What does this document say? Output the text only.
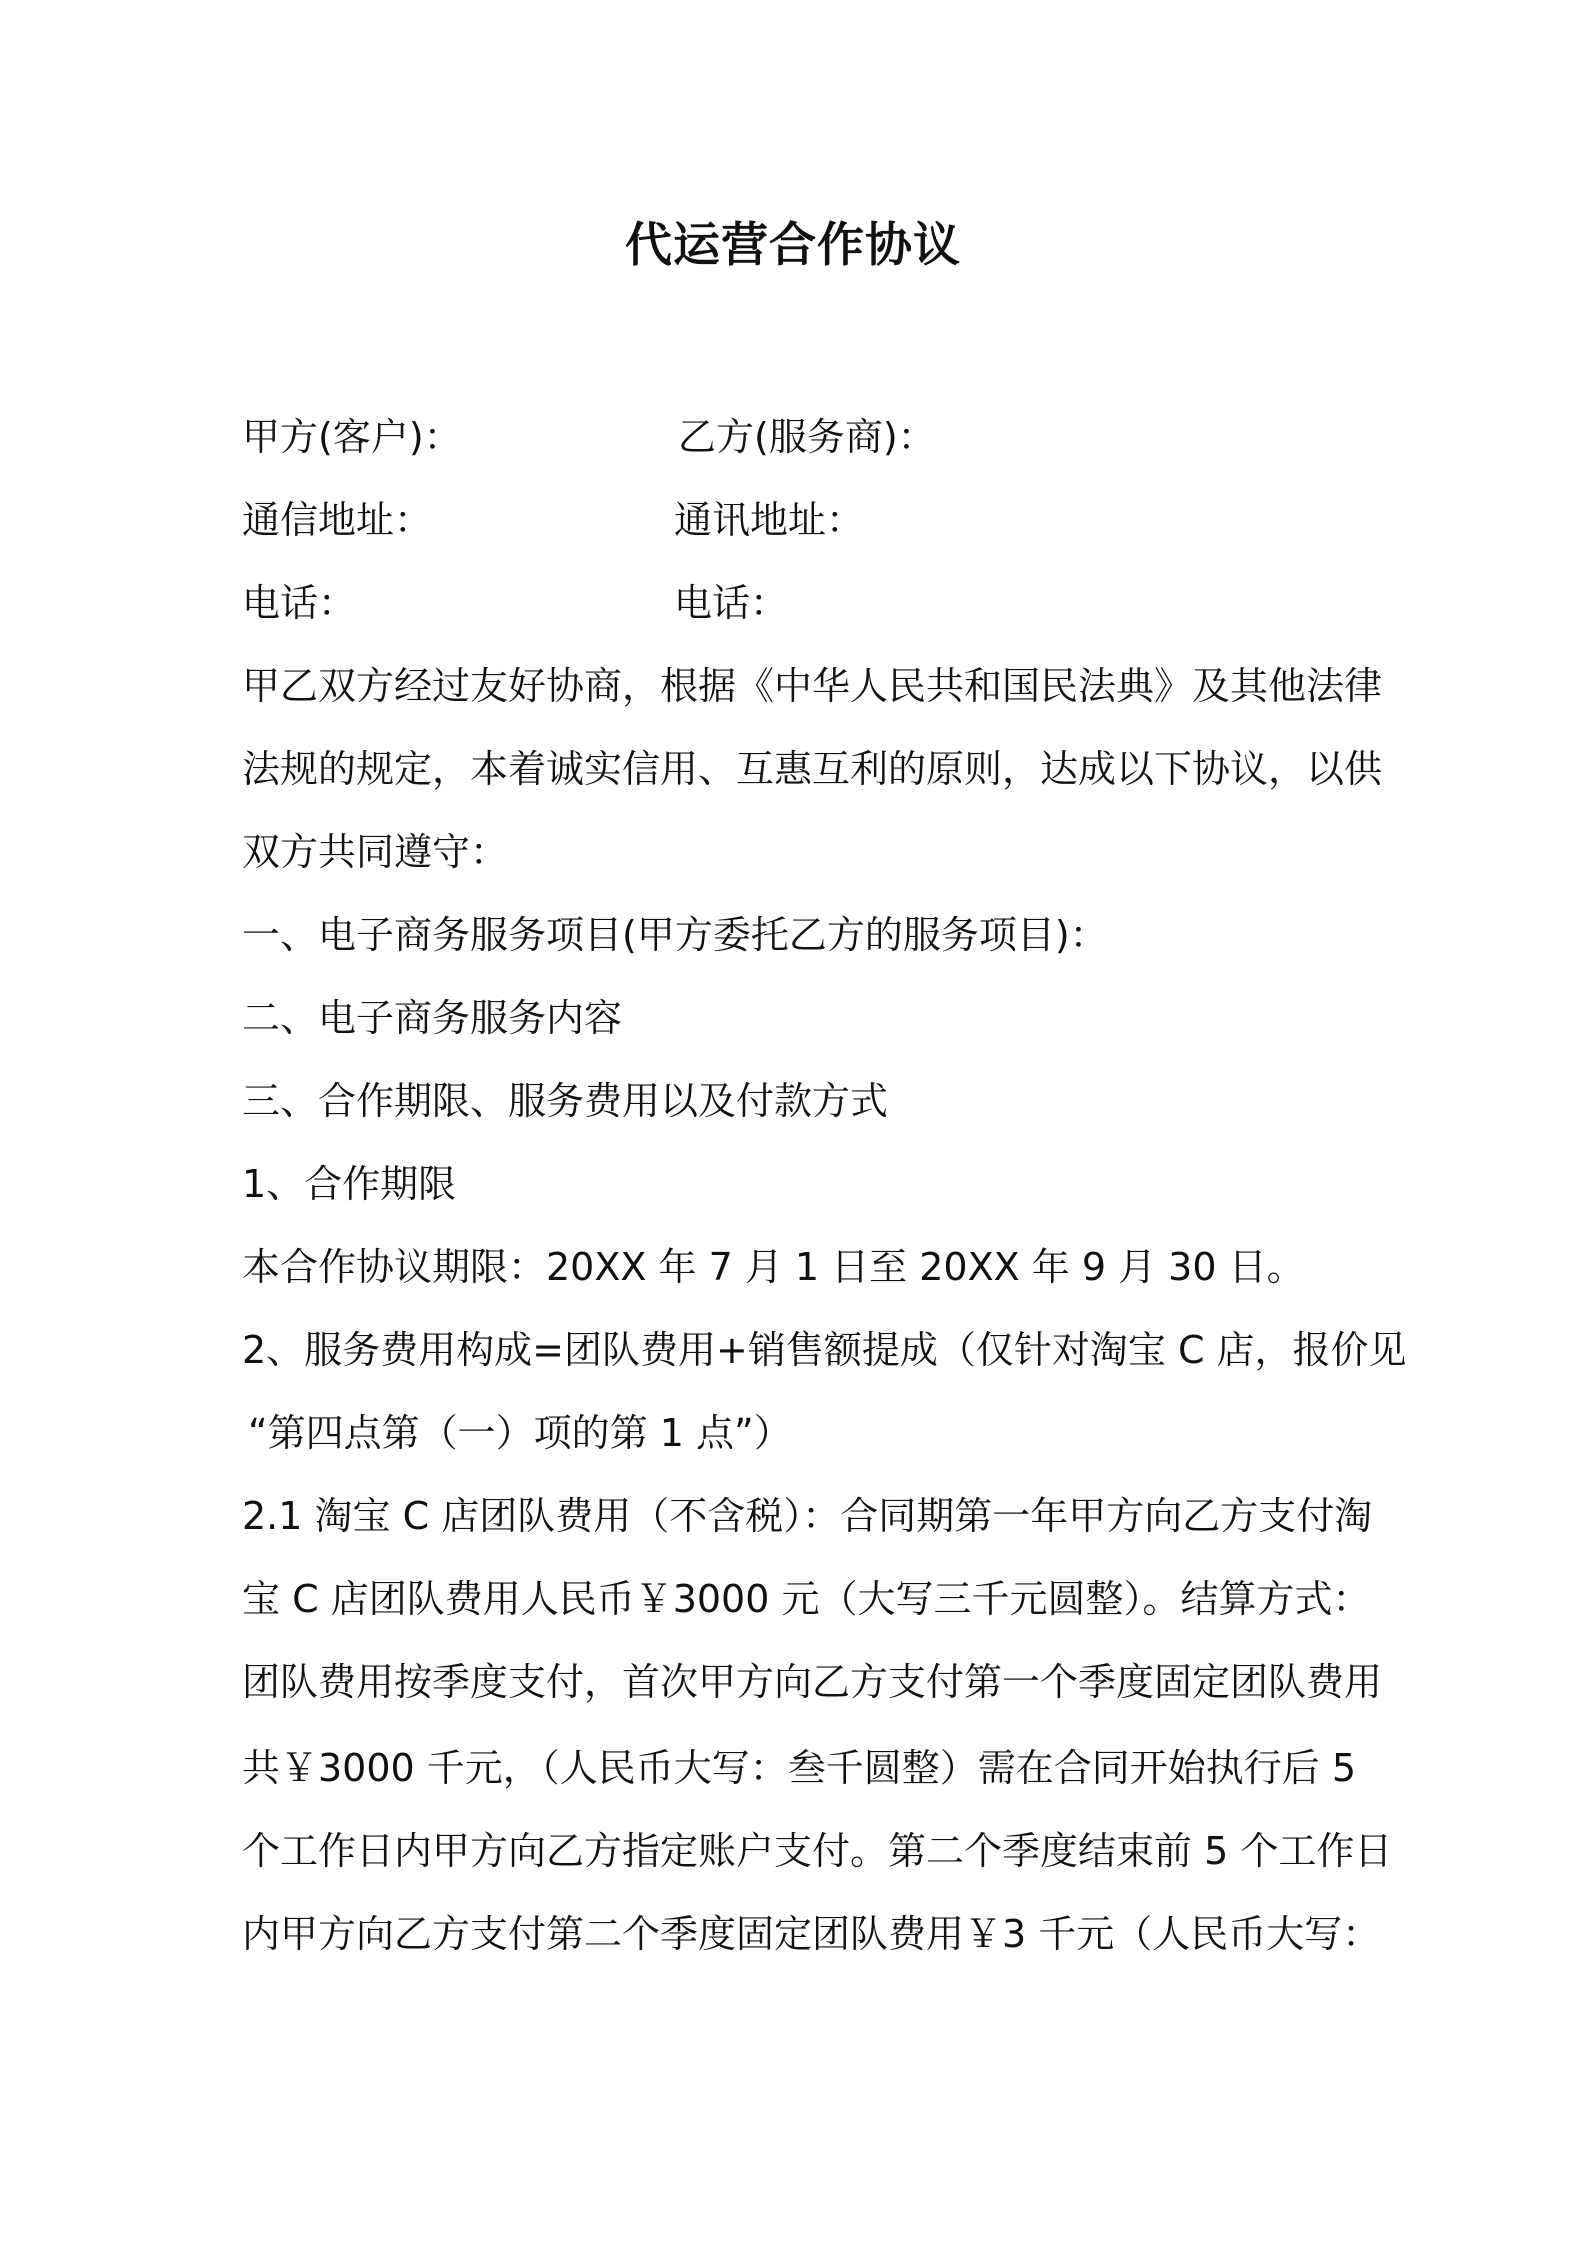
代运营合作协议
甲方(客户)：	乙方(服务商)：
通信地址：	通讯地址：
电话：	电话：
甲乙双方经过友好协商，根据《中华人民共和国民法典》及其他法律
法规的规定，本着诚实信用、互惠互利的原则，达成以下协议，以供
双方共同遵守：
一、电子商务服务项目(甲方委托乙方的服务项目)：
二、电子商务服务内容
三、合作期限、服务费用以及付款方式
1、合作期限
本合作协议期限：20XX 年 7 月 1 日至 20XX 年 9 月 30 日。
2、服务费用构成=团队费用+销售额提成（仅针对淘宝 C 店，报价见
“第四点第（一）项的第 1 点”）
2.1 淘宝 C 店团队费用（不含税）：合同期第一年甲方向乙方支付淘
宝 C 店团队费用人民币￥3000 元（大写三千元圆整）。结算方式：
团队费用按季度支付，首次甲方向乙方支付第一个季度固定团队费用
共￥3000 千元，（人民币大写：叁千圆整）需在合同开始执行后 5
个工作日内甲方向乙方指定账户支付。第二个季度结束前 5 个工作日
内甲方向乙方支付第二个季度固定团队费用￥3 千元（人民币大写：
